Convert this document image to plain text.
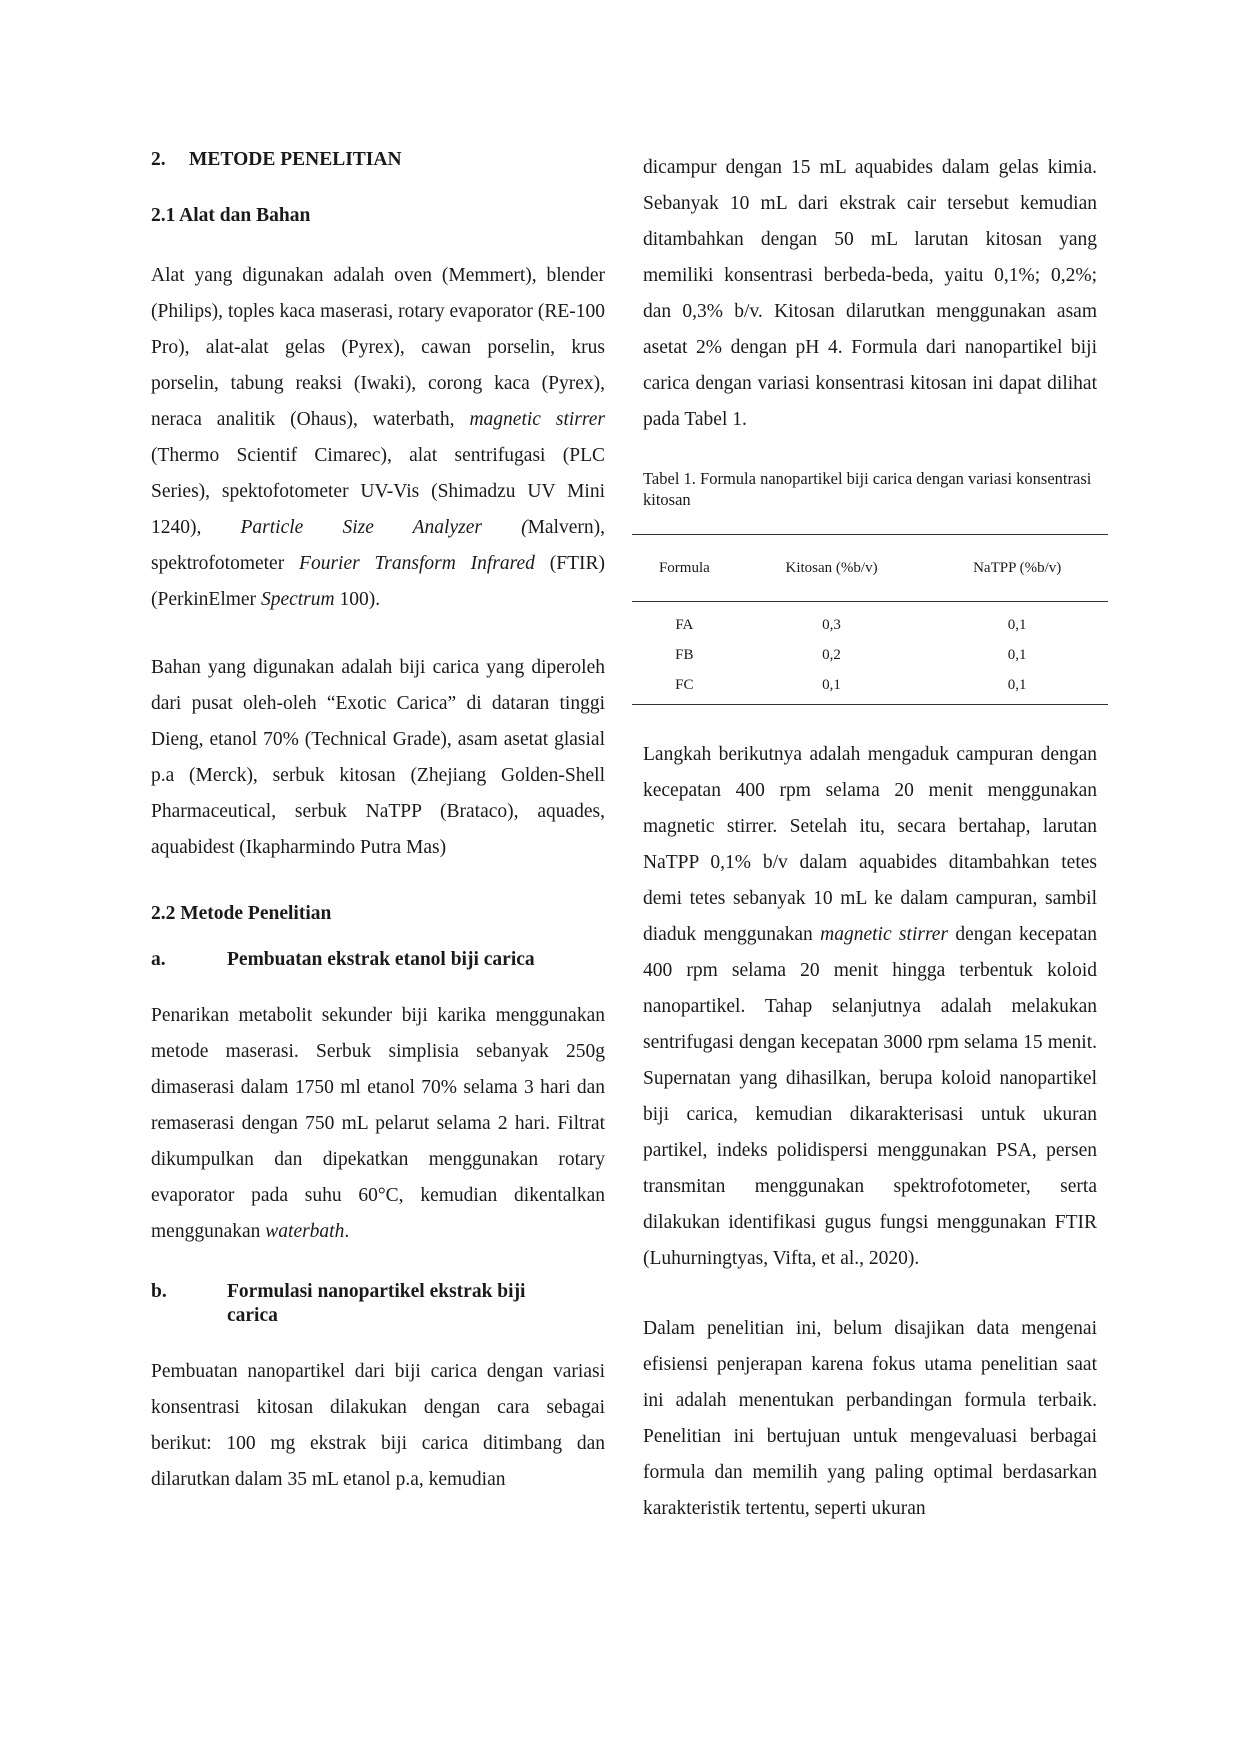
2.	METODE PENELITIAN

2.1 Alat dan Bahan

Alat yang digunakan adalah oven (Memmert), blender (Philips), toples kaca maserasi, rotary evaporator (RE-100 Pro), alat-alat gelas (Pyrex), cawan porselin, krus porselin, tabung reaksi (Iwaki), corong kaca (Pyrex), neraca analitik (Ohaus), waterbath, magnetic stirrer (Thermo Scientif Cimarec), alat sentrifugasi (PLC Series), spektofotometer UV-Vis (Shimadzu UV Mini 1240), Particle Size Analyzer (Malvern), spektrofotometer Fourier Transform Infrared (FTIR) (PerkinElmer Spectrum 100).

Bahan yang digunakan adalah biji carica yang diperoleh dari pusat oleh-oleh “Exotic Carica” di dataran tinggi Dieng, etanol 70% (Technical Grade), asam asetat glasial p.a (Merck), serbuk kitosan (Zhejiang Golden-Shell Pharmaceutical, serbuk NaTPP (Brataco), aquades, aquabidest (Ikapharmindo Putra Mas)

2.2 Metode Penelitian

a.	Pembuatan ekstrak etanol biji carica

Penarikan metabolit sekunder biji karika menggunakan metode maserasi. Serbuk simplisia sebanyak 250g dimaserasi dalam 1750 ml etanol 70% selama 3 hari dan remaserasi dengan 750 mL pelarut selama 2 hari. Filtrat dikumpulkan dan dipekatkan menggunakan rotary evaporator pada suhu 60°C, kemudian dikentalkan menggunakan waterbath.

b.	Formulasi nanopartikel ekstrak biji carica

Pembuatan nanopartikel dari biji carica dengan variasi konsentrasi kitosan dilakukan dengan cara sebagai berikut: 100 mg ekstrak biji carica ditimbang dan dilarutkan dalam 35 mL etanol p.a, kemudian

dicampur dengan 15 mL aquabides dalam gelas kimia. Sebanyak 10 mL dari ekstrak cair tersebut kemudian ditambahkan dengan 50 mL larutan kitosan yang memiliki konsentrasi berbeda-beda, yaitu 0,1%; 0,2%; dan 0,3% b/v. Kitosan dilarutkan menggunakan asam asetat 2% dengan pH 4. Formula dari nanopartikel biji carica dengan variasi konsentrasi kitosan ini dapat dilihat pada Tabel 1.

Tabel 1. Formula nanopartikel biji carica dengan variasi konsentrasi kitosan

Formula	Kitosan (%b/v)	NaTPP (%b/v)
FA	0,3	0,1
FB	0,2	0,1
FC	0,1	0,1

Langkah berikutnya adalah mengaduk campuran dengan kecepatan 400 rpm selama 20 menit menggunakan magnetic stirrer. Setelah itu, secara bertahap, larutan NaTPP 0,1% b/v dalam aquabides ditambahkan tetes demi tetes sebanyak 10 mL ke dalam campuran, sambil diaduk menggunakan magnetic stirrer dengan kecepatan 400 rpm selama 20 menit hingga terbentuk koloid nanopartikel. Tahap selanjutnya adalah melakukan sentrifugasi dengan kecepatan 3000 rpm selama 15 menit. Supernatan yang dihasilkan, berupa koloid nanopartikel biji carica, kemudian dikarakterisasi untuk ukuran partikel, indeks polidispersi menggunakan PSA, persen transmitan menggunakan spektrofotometer, serta dilakukan identifikasi gugus fungsi menggunakan FTIR (Luhurningtyas, Vifta, et al., 2020).

Dalam penelitian ini, belum disajikan data mengenai efisiensi penjerapan karena fokus utama penelitian saat ini adalah menentukan perbandingan formula terbaik. Penelitian ini bertujuan untuk mengevaluasi berbagai formula dan memilih yang paling optimal berdasarkan karakteristik tertentu, seperti ukuran
